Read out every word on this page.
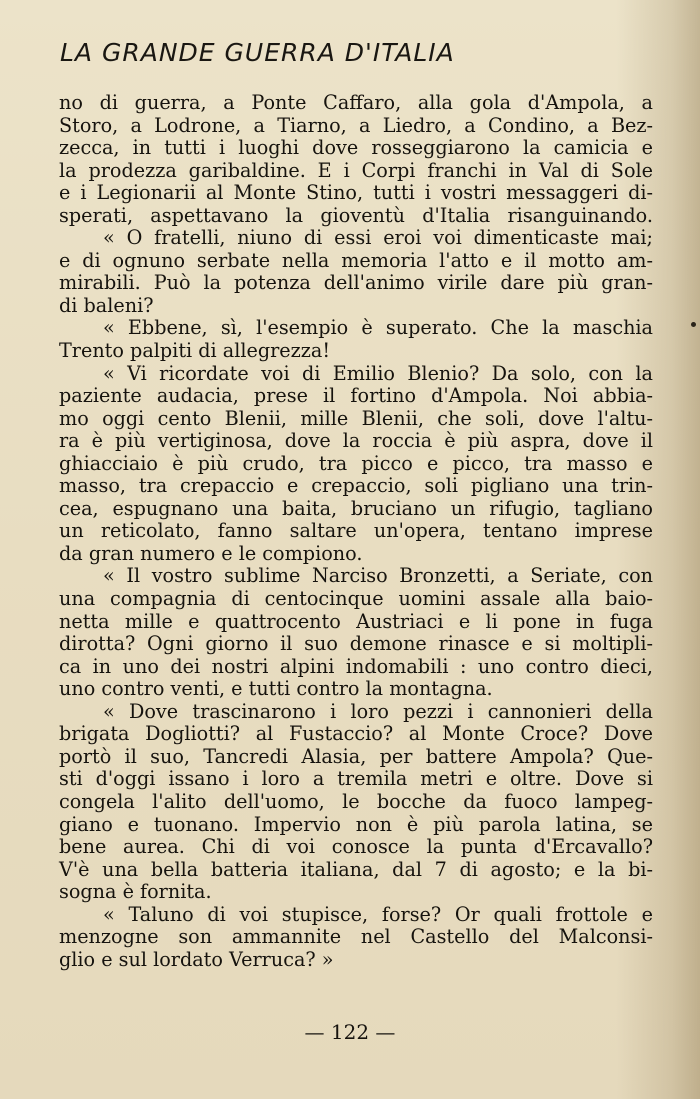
LA GRANDE GUERRA D'ITALIA
no di guerra, a Ponte Caffaro, alla gola d'Ampola, a
Storo, a Lodrone, a Tiarno, a Liedro, a Condino, a Bez-
zecca, in tutti i luoghi dove rosseggiarono la camicia e
la prodezza garibaldine. E i Corpi franchi in Val di Sole
e i Legionarii al Monte Stino, tutti i vostri messaggeri di-
sperati, aspettavano la gioventù d'Italia risanguinando.
« O fratelli, niuno di essi eroi voi dimenticaste mai;
e di ognuno serbate nella memoria l'atto e il motto am-
mirabili. Può la potenza dell'animo virile dare più gran-
di baleni?
« Ebbene, sì, l'esempio è superato. Che la maschia
Trento palpiti di allegrezza!
« Vi ricordate voi di Emilio Blenio? Da solo, con la
paziente audacia, prese il fortino d'Ampola. Noi abbia-
mo oggi cento Blenii, mille Blenii, che soli, dove l'altu-
ra è più vertiginosa, dove la roccia è più aspra, dove il
ghiacciaio è più crudo, tra picco e picco, tra masso e
masso, tra crepaccio e crepaccio, soli pigliano una trin-
cea, espugnano una baita, bruciano un rifugio, tagliano
un reticolato, fanno saltare un'opera, tentano imprese
da gran numero e le compiono.
« Il vostro sublime Narciso Bronzetti, a Seriate, con
una compagnia di centocinque uomini assale alla baio-
netta mille e quattrocento Austriaci e li pone in fuga
dirotta? Ogni giorno il suo demone rinasce e si moltipli-
ca in uno dei nostri alpini indomabili : uno contro dieci,
uno contro venti, e tutti contro la montagna.
« Dove trascinarono i loro pezzi i cannonieri della
brigata Dogliotti? al Fustaccio? al Monte Croce? Dove
portò il suo, Tancredi Alasia, per battere Ampola? Que-
sti d'oggi issano i loro a tremila metri e oltre. Dove si
congela l'alito dell'uomo, le bocche da fuoco lampeg-
giano e tuonano. Impervio non è più parola latina, se
bene aurea. Chi di voi conosce la punta d'Ercavallo?
V'è una bella batteria italiana, dal 7 di agosto; e la bi-
sogna è fornita.
« Taluno di voi stupisce, forse? Or quali frottole e
menzogne son ammannite nel Castello del Malconsi-
glio e sul lordato Verruca? »
— 122 —
